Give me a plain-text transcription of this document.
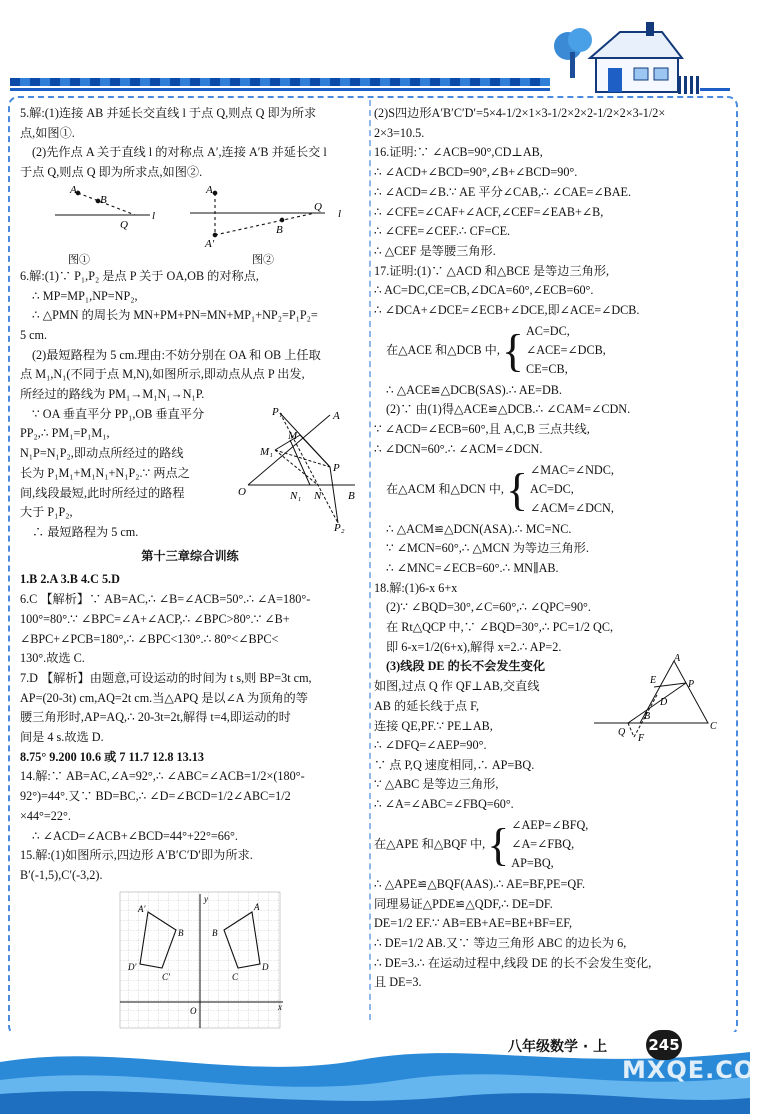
5.解:(1)连接 AB 并延长交直线 l 于点 Q,则点 Q 即为所求

点,如图①.

(2)先作点 A 关于直线 l 的对称点 A′,连接 A′B 并延长交 l

于点 Q,则点 Q 即为所求点,如图②.

A
B
Q
l
A
B
Q
l
A′
图①	图②

6.解:(1)∵ P₁,P₂ 是点 P 关于 OA,OB 的对称点,

∴ MP=MP₁,NP=NP₂,

∴ △PMN 的周长为 MN+PM+PN=MN+MP₁+NP₂=P₁P₂=

5 cm.

(2)最短路程为 5 cm.理由:不妨分别在 OA 和 OB 上任取

点 M₁,N₁(不同于点 M,N),如图所示,即动点从点 P 出发,

所经过的路线为 PM₁→M₁N₁→N₁P.

∵ OA 垂直平分 PP₁,OB 垂直平分

PP₂,∴ PM₁=P₁M₁,

N₁P=N₁P₂,即动点所经过的路线

长为 P₁M₁+M₁N₁+N₁P₂.∵ 两点之

间,线段最短,此时所经过的路程

大于 P₁P₂,

∴ 最短路程为 5 cm.

O
A
B
P
P₁
P₂
M
M₁
N₁ N

第十三章综合训练

1.B 2.A 3.B 4.C 5.D

6.C 【解析】∵ AB=AC,∴ ∠B=∠ACB=50°.∴ ∠A=180°-

100°=80°.∵ ∠BPC=∠A+∠ACP,∴ ∠BPC>80°.∵ ∠B+

∠BPC+∠PCB=180°,∴ ∠BPC<130°.∴ 80°<∠BPC<

130°.故选 C.

7.D 【解析】由题意,可设运动的时间为 t s,则 BP=3t cm,

AP=(20-3t) cm,AQ=2t cm.当△APQ 是以∠A 为顶角的等

腰三角形时,AP=AQ,∴ 20-3t=2t,解得 t=4,即运动的时

间是 4 s.故选 D.

8.75° 9.200 10.6 或 7 11.7 12.8 13.13

14.解:∵ AB=AC,∠A=92°,∴ ∠ABC=∠ACB=1/2×(180°-

92°)=44°.又∵ BD=BC,∴ ∠D=∠BCD=1/2∠ABC=1/2

×44°=22°.

∴ ∠ACD=∠ACB+∠BCD=44°+22°=66°.

15.解:(1)如图所示,四边形 A′B′C′D′即为所求.

B′(-1,5),C′(-3,2).

A′
B
C′
D′
A
B
C
D
O	x
y

(2)S四边形A′B′C′D′=5×4-1/2×1×3-1/2×2×2-1/2×2×3-1/2×

2×3=10.5.

16.证明:∵ ∠ACB=90°,CD⊥AB,

∴ ∠ACD+∠BCD=90°,∠B+∠BCD=90°.

∴ ∠ACD=∠B.∵ AE 平分∠CAB,∴ ∠CAE=∠BAE.

∴ ∠CFE=∠CAF+∠ACF,∠CEF=∠EAB+∠B,

∴ ∠CFE=∠CEF.∴ CF=CE.

∴ △CEF 是等腰三角形.

17.证明:(1)∵ △ACD 和△BCE 是等边三角形,

∴ AC=DC,CE=CB,∠DCA=60°,∠ECB=60°.

∴ ∠DCA+∠DCE=∠ECB+∠DCE,即∠ACE=∠DCB.

在△ACE 和△DCB 中, { AC=DC,
∠ACE=∠DCB,
CE=CB,

∴ △ACE≌△DCB(SAS).∴ AE=DB.

(2)∵ 由(1)得△ACE≌△DCB.∴ ∠CAM=∠CDN.

∵ ∠ACD=∠ECB=60°,且 A,C,B 三点共线,

∴ ∠DCN=60°.∴ ∠ACM=∠DCN.

在△ACM 和△DCN 中, { ∠MAC=∠NDC,
AC=DC,
∠ACM=∠DCN,

∴ △ACM≌△DCN(ASA).∴ MC=NC.

∵ ∠MCN=60°,∴ △MCN 为等边三角形.

∴ ∠MNC=∠ECB=60°.∴ MN∥AB.

18.解:(1)6-x 6+x

(2)∵ ∠BQD=30°,∠C=60°,∴ ∠QPC=90°.

在 Rt△QCP 中,∵ ∠BQD=30°,∴ PC=1/2 QC,

即 6-x=1/2(6+x),解得 x=2.∴ AP=2.

(3)线段 DE 的长不会发生变化

如图,过点 Q 作 QF⊥AB,交直线

AB 的延长线于点 F,

连接 QE,PF.∵ PE⊥AB,

∴ ∠DFQ=∠AEP=90°.

∵ 点 P,Q 速度相同,∴ AP=BQ.

A
E	P
D
B
Q
F
C

∵ △ABC 是等边三角形,

∴ ∠A=∠ABC=∠FBQ=60°.

在△APE 和△BQF 中, { ∠AEP=∠BFQ,
∠A=∠FBQ,
AP=BQ,

∴ △APE≌△BQF(AAS).∴ AE=BF,PE=QF.

同理易证△PDE≌△QDF,∴ DE=DF.

DE=1/2 EF.∵ AB=EB+AE=BE+BF=EF,

∴ DE=1/2 AB.又∵ 等边三角形 ABC 的边长为 6,

∴ DE=3.∴ 在运动过程中,线段 DE 的长不会发生变化,

且 DE=3.

八年级数学 · 上	245
MXQE.COM
